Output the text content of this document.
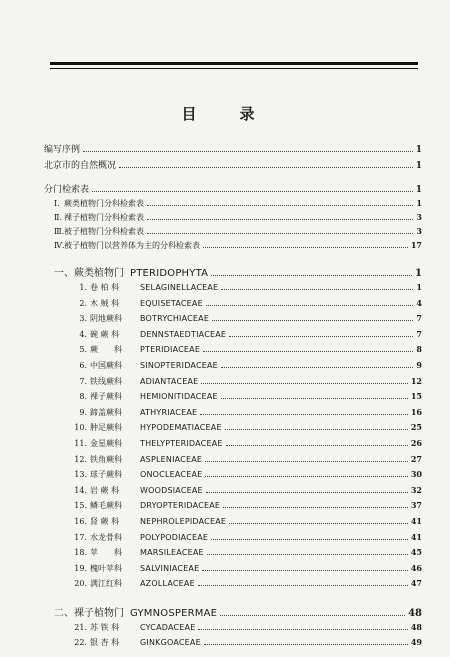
目　录
编写序例	1
北京市的自然概况	1
分门检索表	1
Ⅰ. 蕨类植物门分科检索表	1
Ⅱ. 裸子植物门分科检索表	3
Ⅲ. 被子植物门分科检索表	3
Ⅳ. 被子植物门以营养体为主的分科检索表	17
一、蕨类植物门 PTERIDOPHYTA	1
1. 卷 柏 科	SELAGINELLACEAE	1
2. 木 贼 科	EQUISETACEAE	4
3. 阴地蕨科	BOTRYCHIACEAE	7
4. 碗 蕨 科	DENNSTAEDTIACEAE	7
5. 蕨　　科	PTERIDIACEAE	8
6. 中国蕨科	SINOPTERIDACEAE	9
7. 铁线蕨科	ADIANTACEAE	12
8. 裸子蕨科	HEMIONITIDACEAE	15
9. 蹄盖蕨科	ATHYRIACEAE	16
10. 肿足蕨科	HYPODEMATIACEAE	25
11. 金星蕨科	THELYPTERIDACEAE	26
12. 铁角蕨科	ASPLENIACEAE	27
13. 球子蕨科	ONOCLEACEAE	30
14. 岩 蕨 科	WOODSIACEAE	32
15. 鳞毛蕨科	DRYOPTERIDACEAE	37
16. 肾 蕨 科	NEPHROLEPIDACEAE	41
17. 水龙骨科	POLYPODIACEAE	41
18. 苹　　科	MARSILEACEAE	45
19. 槐叶苹科	SALVINIACEAE	46
20. 满江红科	AZOLLACEAE	47
二、裸子植物门 GYMNOSPERMAE	48
21. 苏 铁 科	CYCADACEAE	48
22. 银 杏 科	GINKGOACEAE	49
